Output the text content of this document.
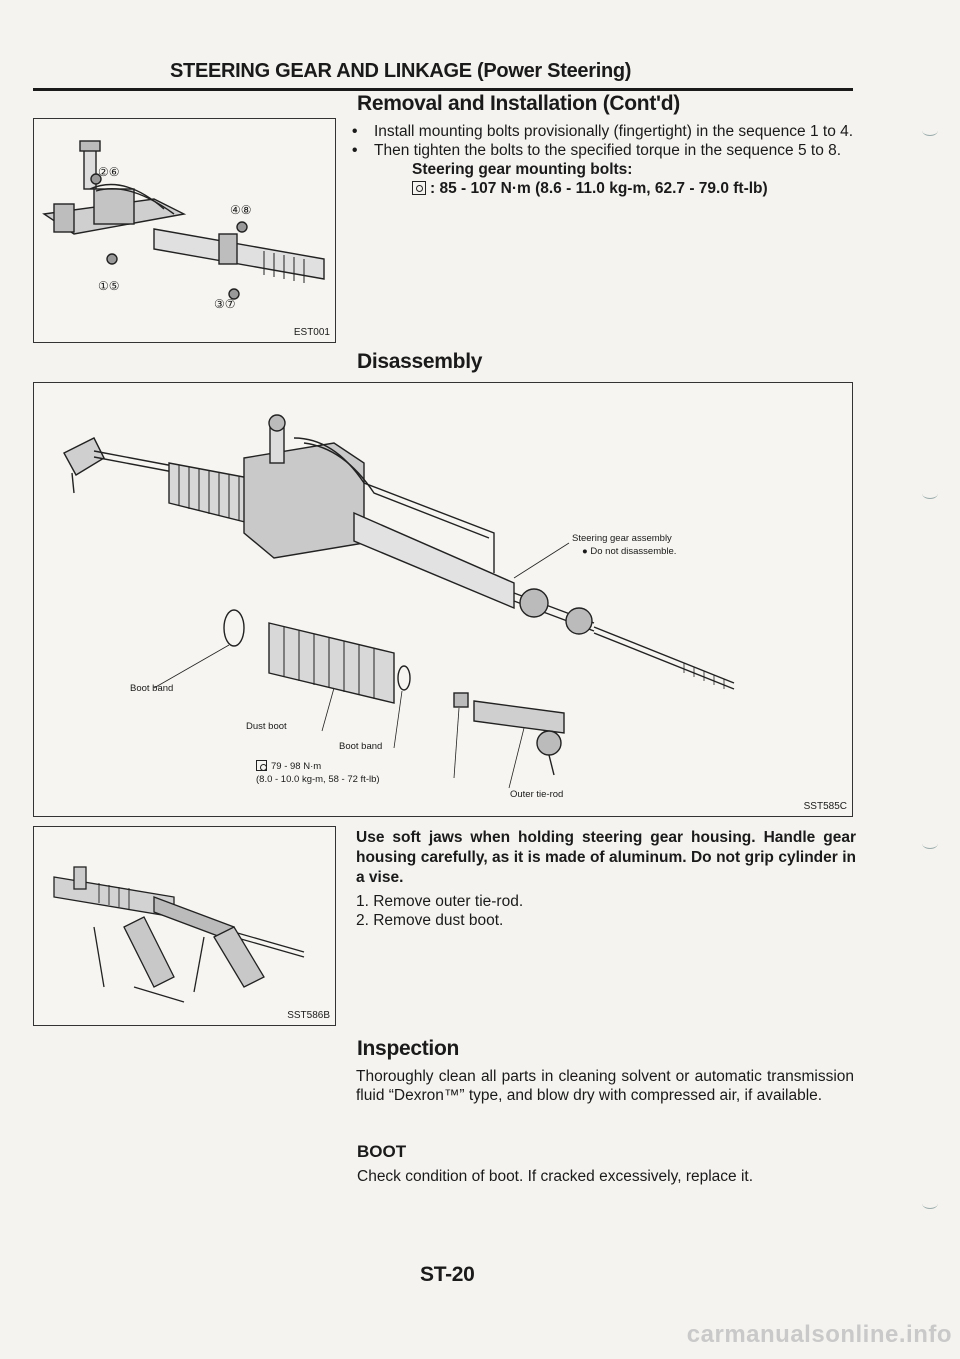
STEERING GEAR AND LINKAGE (Power Steering)
Removal and Installation (Cont'd)
②⑥
④⑧
①⑤
③⑦
EST001
• Install mounting bolts provisionally (fingertight) in the sequence 1 to 4.
• Then tighten the bolts to the specified torque in the sequence 5 to 8.
Steering gear mounting bolts:
: 85 - 107 N·m (8.6 - 11.0 kg-m, 62.7 - 79.0 ft-lb)
Disassembly
Steering gear assembly
● Do not disassemble.
Boot band
Dust boot
Boot band
79 - 98 N·m
(8.0 - 10.0 kg-m, 58 - 72 ft-lb)
Outer tie-rod
SST585C
SST586B
Use soft jaws when holding steering gear housing. Handle gear housing carefully, as it is made of aluminum. Do not grip cylinder in a vise.
1. Remove outer tie-rod.
2. Remove dust boot.
Inspection
Thoroughly clean all parts in cleaning solvent or automatic transmission fluid “Dexron™” type, and blow dry with compressed air, if available.
BOOT
Check condition of boot. If cracked excessively, replace it.
ST-20
carmanualsonline.info
